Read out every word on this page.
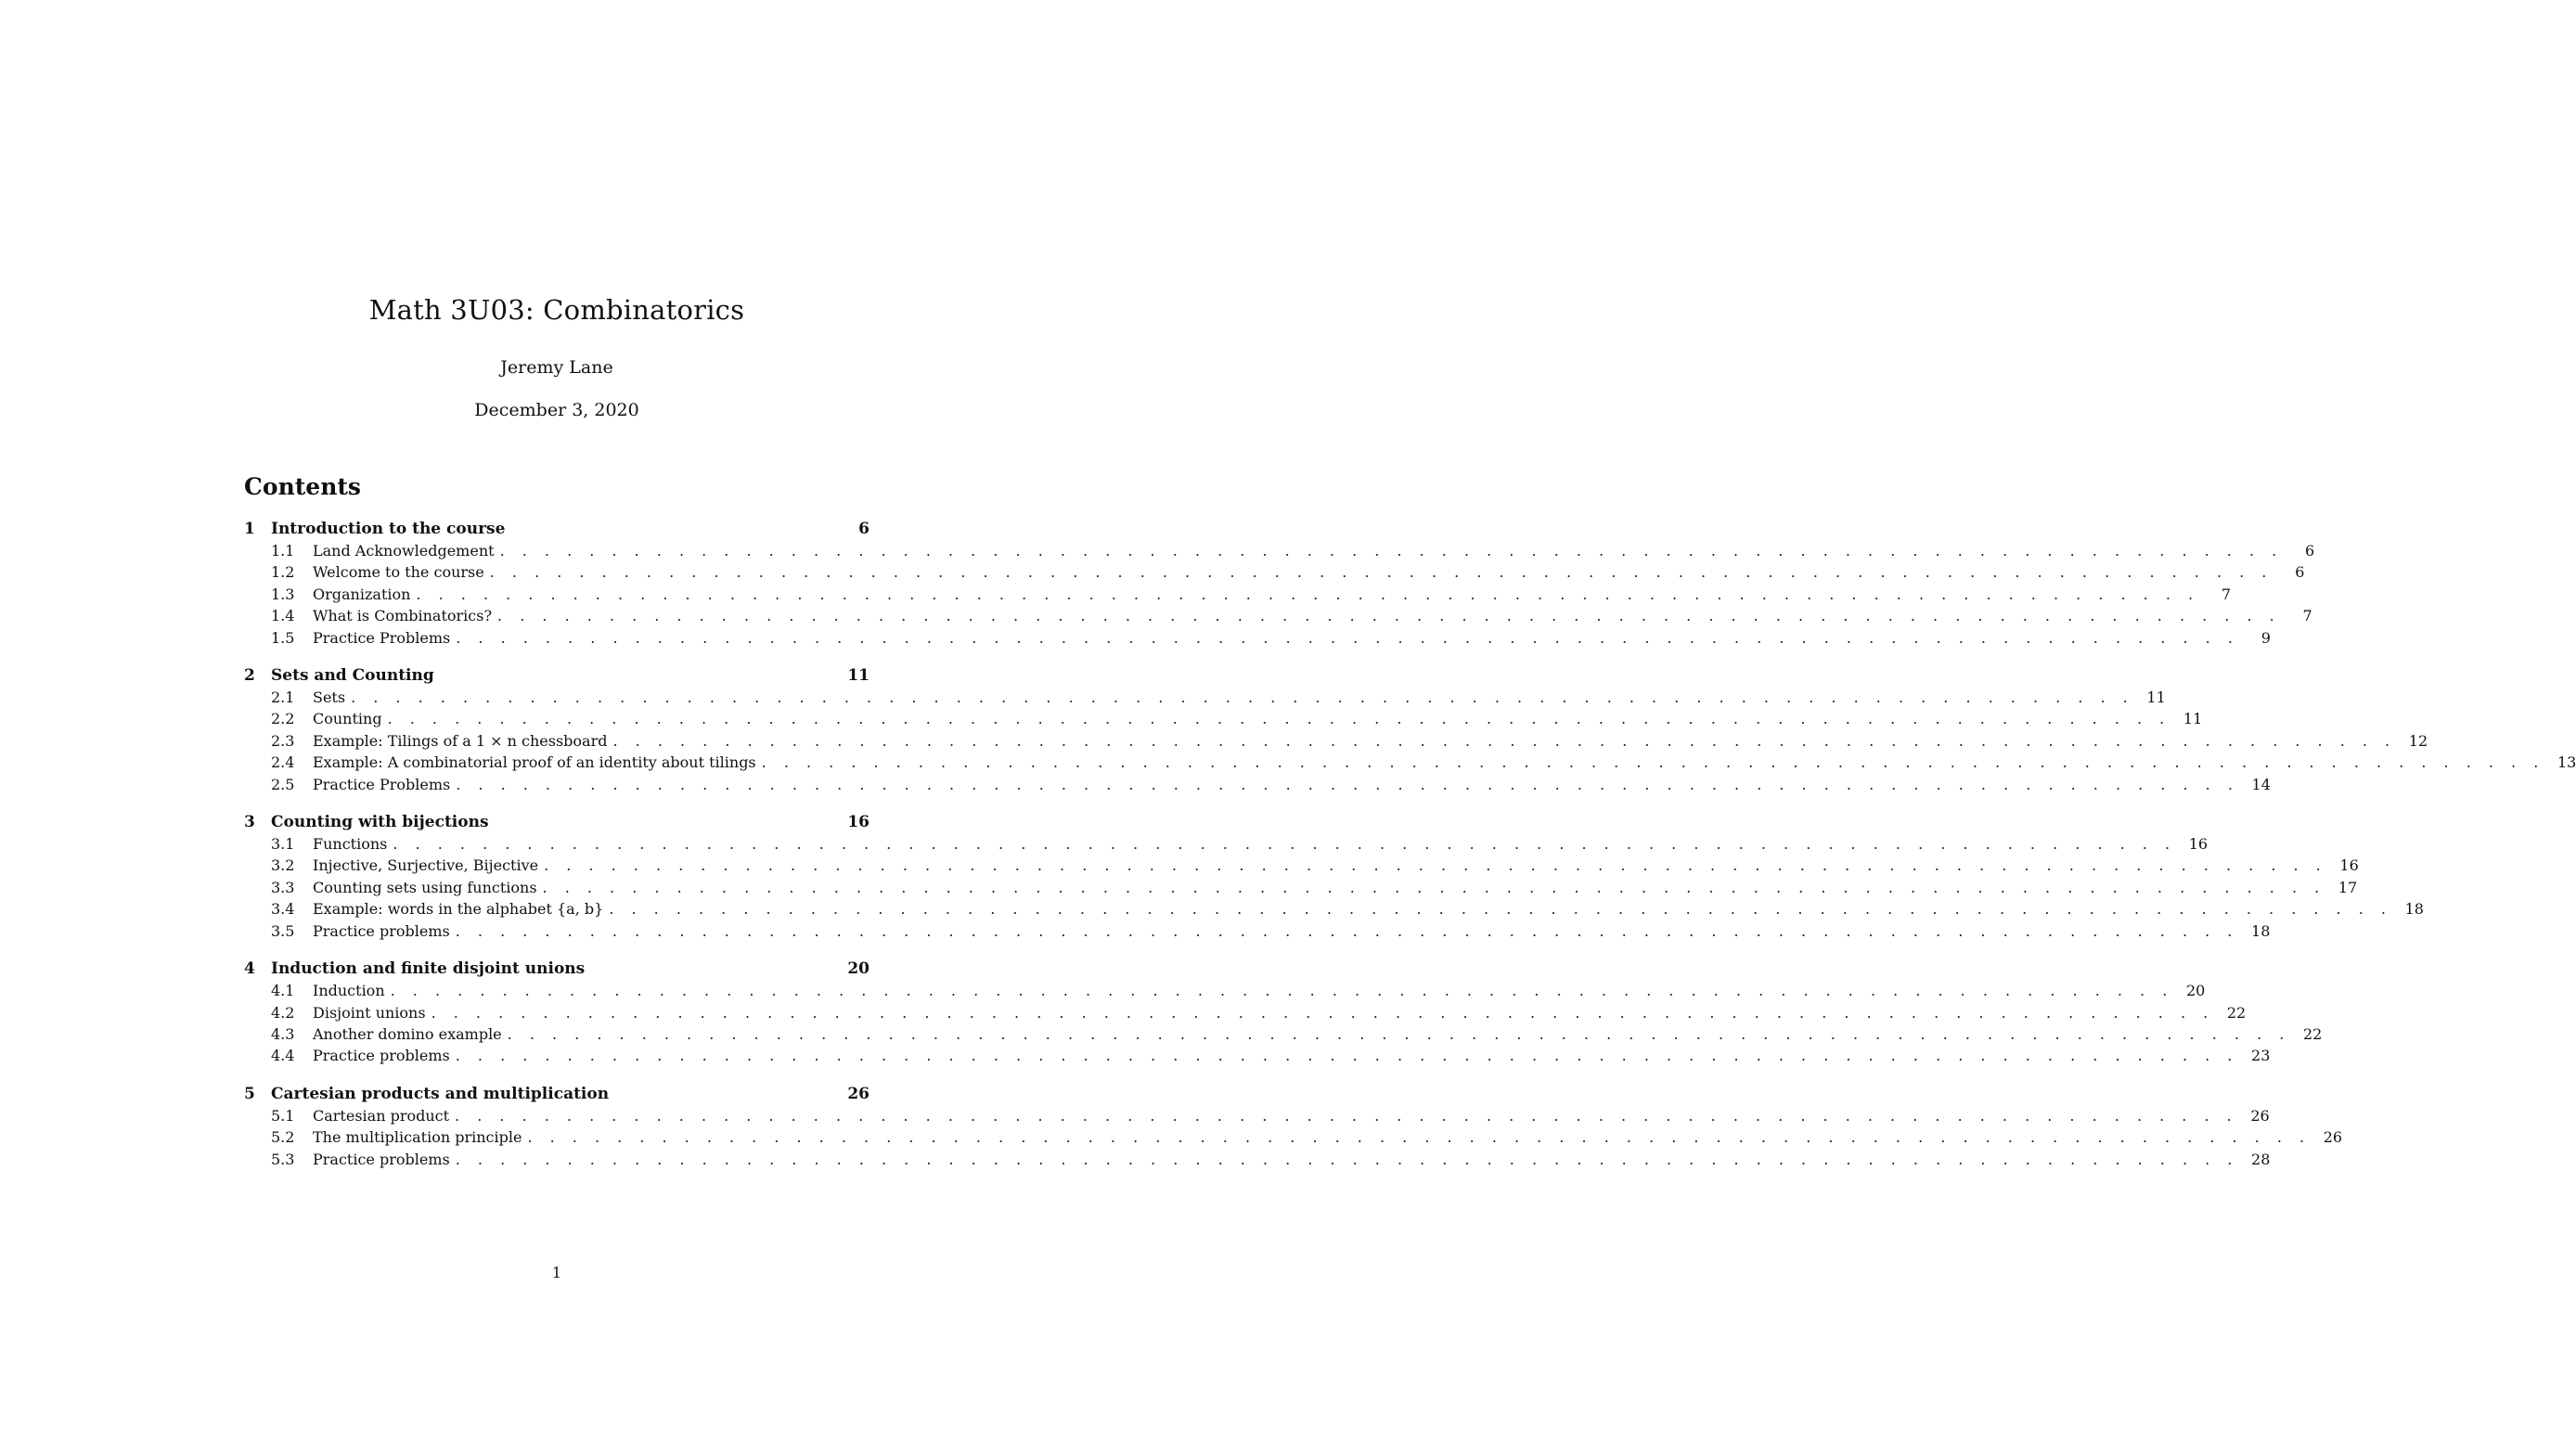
Math 3U03: Combinatorics
Jeremy Lane
December 3, 2020
Contents
1	Introduction to the course	6
1.1	Land Acknowledgement . . . . . . . . . . . . . . . . . . . . . . . . . . . . . . . . . . . . . . . . . . . . . . . . . . . . . . . . . . . . . . . . . . . . . . . . . . . . . . . .	6
1.2	Welcome to the course . . . . . . . . . . . . . . . . . . . . . . . . . . . . . . . . . . . . . . . . . . . . . . . . . . . . . . . . . . . . . . . . . . . . . . . . . . . . . . . .	6
1.3	Organization . . . . . . . . . . . . . . . . . . . . . . . . . . . . . . . . . . . . . . . . . . . . . . . . . . . . . . . . . . . . . . . . . . . . . . . . . . . . . . . .	7
1.4	What is Combinatorics? . . . . . . . . . . . . . . . . . . . . . . . . . . . . . . . . . . . . . . . . . . . . . . . . . . . . . . . . . . . . . . . . . . . . . . . . . . . . . . . .	7
1.5	Practice Problems . . . . . . . . . . . . . . . . . . . . . . . . . . . . . . . . . . . . . . . . . . . . . . . . . . . . . . . . . . . . . . . . . . . . . . . . . . . . . . . .	9
2	Sets and Counting	11
2.1	Sets . . . . . . . . . . . . . . . . . . . . . . . . . . . . . . . . . . . . . . . . . . . . . . . . . . . . . . . . . . . . . . . . . . . . . . . . . . . . . . . . 11
2.2	Counting . . . . . . . . . . . . . . . . . . . . . . . . . . . . . . . . . . . . . . . . . . . . . . . . . . . . . . . . . . . . . . . . . . . . . . . . . . . . . . . . 11
2.3	Example: Tilings of a 1 × n chessboard . . . . . . . . . . . . . . . . . . . . . . . . . . . . . . . . . . . . . . . . . . . . . . . . . . . . . . . . . . . . . . . . . . . . . . . . . . . . . . . . 12
2.4	Example: A combinatorial proof of an identity about tilings . . . . . . . . . . . . . . . . . . . . . . . . . . . . . . . . . . . . . . . . . . . . . . . . . . . . . . . . . . . . . . . . . . . . . . . . . . . . . . . . 13
2.5	Practice Problems . . . . . . . . . . . . . . . . . . . . . . . . . . . . . . . . . . . . . . . . . . . . . . . . . . . . . . . . . . . . . . . . . . . . . . . . . . . . . . . . 14
3	Counting with bijections	16
3.1	Functions . . . . . . . . . . . . . . . . . . . . . . . . . . . . . . . . . . . . . . . . . . . . . . . . . . . . . . . . . . . . . . . . . . . . . . . . . . . . . . . . 16
3.2	Injective, Surjective, Bijective . . . . . . . . . . . . . . . . . . . . . . . . . . . . . . . . . . . . . . . . . . . . . . . . . . . . . . . . . . . . . . . . . . . . . . . . . . . . . . . . 16
3.3	Counting sets using functions . . . . . . . . . . . . . . . . . . . . . . . . . . . . . . . . . . . . . . . . . . . . . . . . . . . . . . . . . . . . . . . . . . . . . . . . . . . . . . . . 17
3.4	Example: words in the alphabet {a, b} . . . . . . . . . . . . . . . . . . . . . . . . . . . . . . . . . . . . . . . . . . . . . . . . . . . . . . . . . . . . . . . . . . . . . . . . . . . . . . . . 18
3.5	Practice problems . . . . . . . . . . . . . . . . . . . . . . . . . . . . . . . . . . . . . . . . . . . . . . . . . . . . . . . . . . . . . . . . . . . . . . . . . . . . . . . . 18
4	Induction and finite disjoint unions	20
4.1	Induction . . . . . . . . . . . . . . . . . . . . . . . . . . . . . . . . . . . . . . . . . . . . . . . . . . . . . . . . . . . . . . . . . . . . . . . . . . . . . . . . 20
4.2	Disjoint unions . . . . . . . . . . . . . . . . . . . . . . . . . . . . . . . . . . . . . . . . . . . . . . . . . . . . . . . . . . . . . . . . . . . . . . . . . . . . . . . . 22
4.3	Another domino example . . . . . . . . . . . . . . . . . . . . . . . . . . . . . . . . . . . . . . . . . . . . . . . . . . . . . . . . . . . . . . . . . . . . . . . . . . . . . . . . 22
4.4	Practice problems . . . . . . . . . . . . . . . . . . . . . . . . . . . . . . . . . . . . . . . . . . . . . . . . . . . . . . . . . . . . . . . . . . . . . . . . . . . . . . . . 23
5	Cartesian products and multiplication	26
5.1	Cartesian product . . . . . . . . . . . . . . . . . . . . . . . . . . . . . . . . . . . . . . . . . . . . . . . . . . . . . . . . . . . . . . . . . . . . . . . . . . . . . . . . 26
5.2	The multiplication principle . . . . . . . . . . . . . . . . . . . . . . . . . . . . . . . . . . . . . . . . . . . . . . . . . . . . . . . . . . . . . . . . . . . . . . . . . . . . . . . . 26
5.3	Practice problems . . . . . . . . . . . . . . . . . . . . . . . . . . . . . . . . . . . . . . . . . . . . . . . . . . . . . . . . . . . . . . . . . . . . . . . . . . . . . . . . 28
1
